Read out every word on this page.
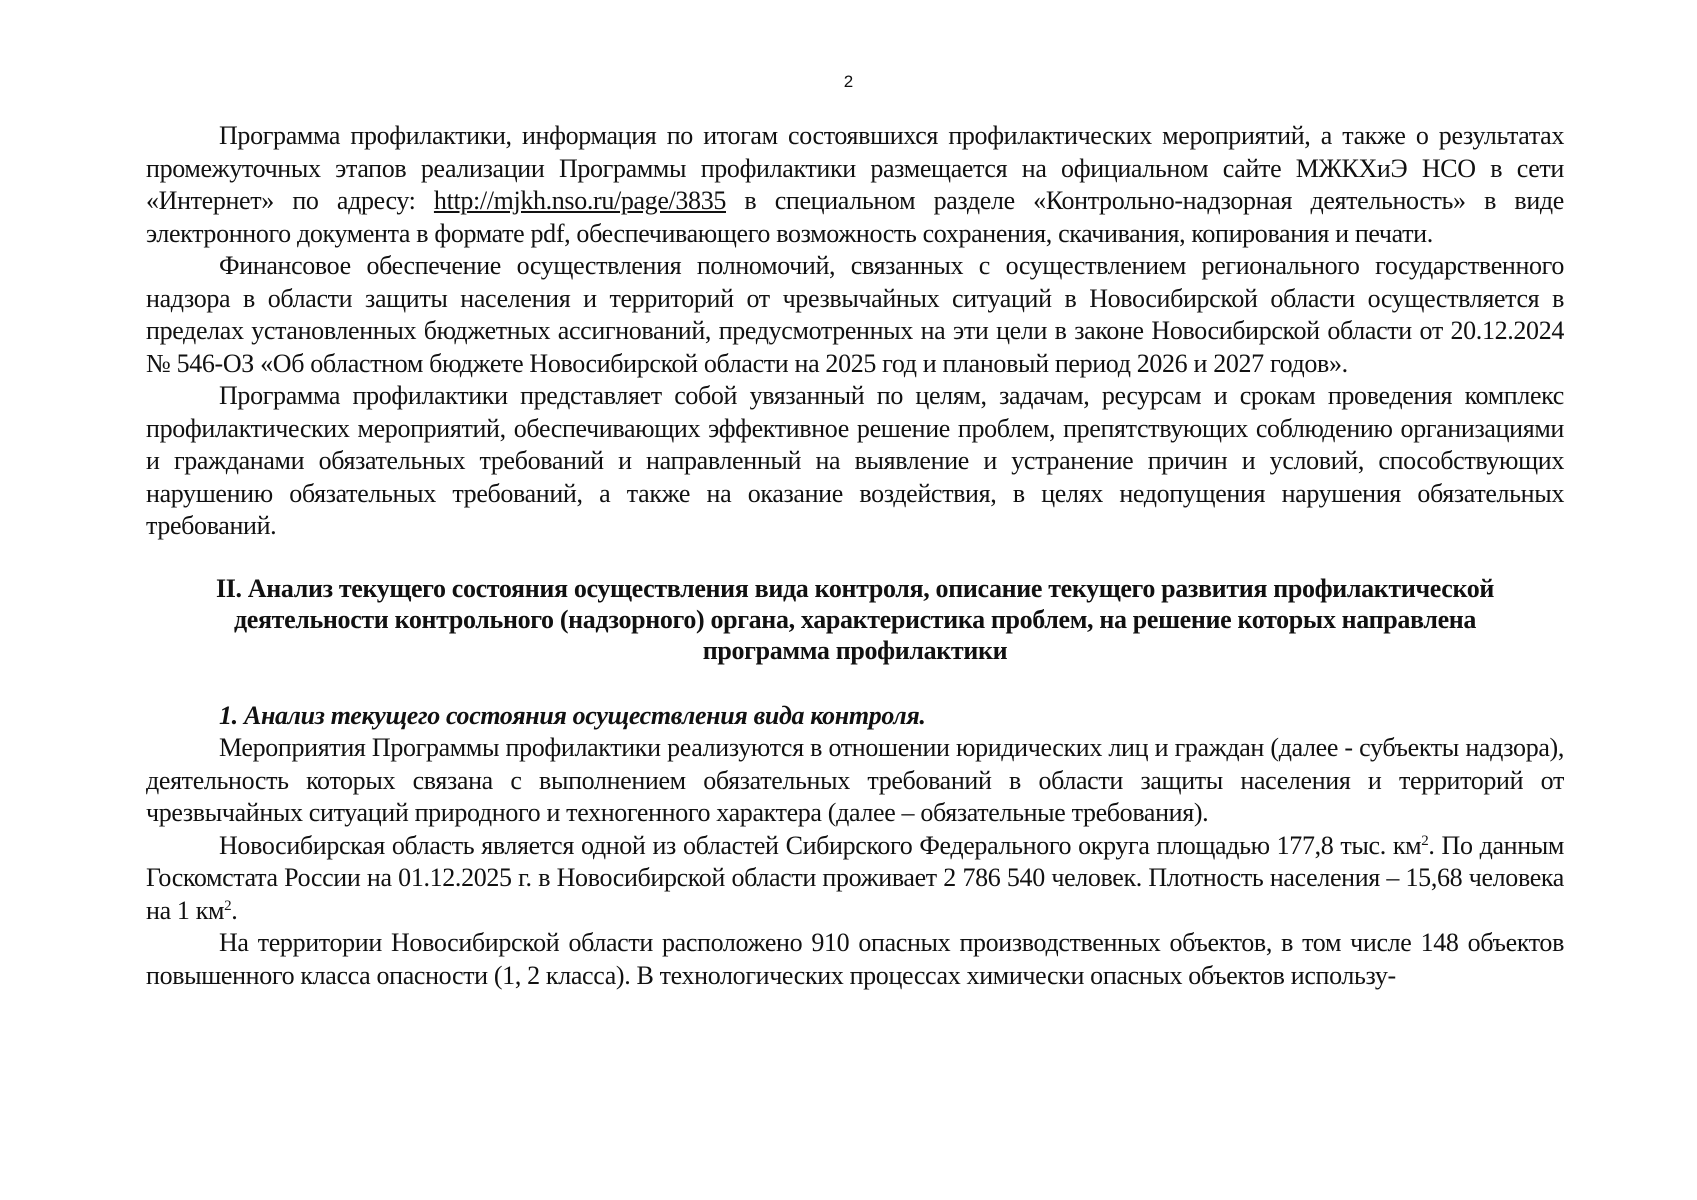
2

Программа профилактики, информация по итогам состоявшихся профилактических мероприятий, а также о результатах промежуточных этапов реализации Программы профилактики размещается на официальном сайте МЖКХиЭ НСО в сети «Интернет» по адресу: http://mjkh.nso.ru/page/3835 в специальном разделе «Контрольно-надзорная деятельность» в виде электронного документа в формате pdf, обеспечивающего возможность сохранения, скачивания, копирования и печати.

Финансовое обеспечение осуществления полномочий, связанных с осуществлением регионального государственного надзора в области защиты населения и территорий от чрезвычайных ситуаций в Новосибирской области осуществляется в пределах установленных бюджетных ассигнований, предусмотренных на эти цели в законе Новосибирской области от 20.12.2024 № 546-ОЗ «Об областном бюджете Новосибирской области на 2025 год и плановый период 2026 и 2027 годов».

Программа профилактики представляет собой увязанный по целям, задачам, ресурсам и срокам проведения комплекс профилактических мероприятий, обеспечивающих эффективное решение проблем, препятствующих соблюдению организациями и гражданами обязательных требований и направленный на выявление и устранение причин и условий, способствующих нарушению обязательных требований, а также на оказание воздействия, в целях недопущения нарушения обязательных требований.

II. Анализ текущего состояния осуществления вида контроля, описание текущего развития профилактической деятельности контрольного (надзорного) органа, характеристика проблем, на решение которых направлена программа профилактики

1. Анализ текущего состояния осуществления вида контроля.

Мероприятия Программы профилактики реализуются в отношении юридических лиц и граждан (далее - субъекты надзора), деятельность которых связана с выполнением обязательных требований в области защиты населения и территорий от чрезвычайных ситуаций природного и техногенного характера (далее – обязательные требования).

Новосибирская область является одной из областей Сибирского Федерального округа площадью 177,8 тыс. $км^2$. По данным Госкомстата России на 01.12.2025 г. в Новосибирской области проживает 2 786 540 человек. Плотность населения – 15,68 человека на 1 $км^2$.

На территории Новосибирской области расположено 910 опасных производственных объектов, в том числе 148 объектов повышенного класса опасности (1, 2 класса). В технологических процессах химически опасных объектов использу-
